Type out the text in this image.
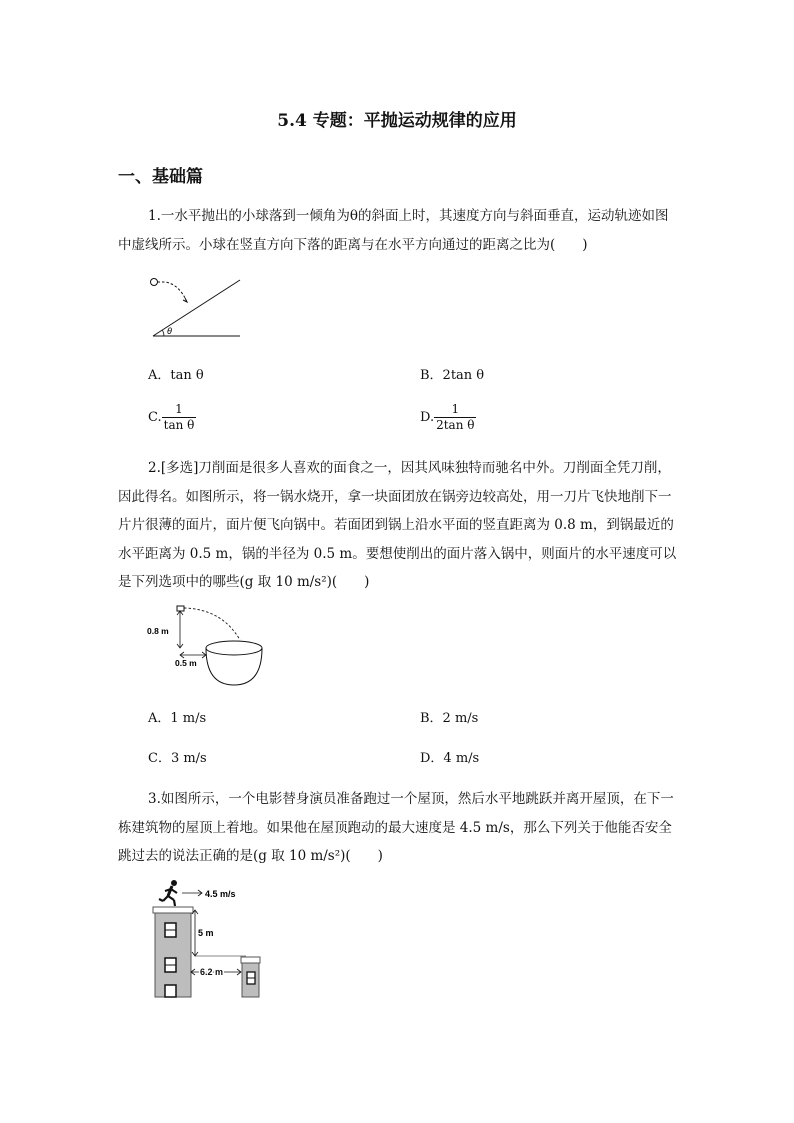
5.4 专题：平抛运动规律的应用
一、基础篇
1.一水平抛出的小球落到一倾角为θ的斜面上时，其速度方向与斜面垂直，运动轨迹如图中虚线所示。小球在竖直方向下落的距离与在水平方向通过的距离之比为(　　)
θ
A．tan θ	B．2tan θ
C. $\frac{1}{\text{tan θ}}$	D. $\frac{1}{\text{2tan θ}}$
2.[多选]刀削面是很多人喜欢的面食之一，因其风味独特而驰名中外。刀削面全凭刀削，因此得名。如图所示，将一锅水烧开，拿一块面团放在锅旁边较高处，用一刀片飞快地削下一片片很薄的面片，面片便飞向锅中。若面团到锅上沿水平面的竖直距离为 0.8 m，到锅最近的水平距离为 0.5 m，锅的半径为 0.5 m。要想使削出的面片落入锅中，则面片的水平速度可以是下列选项中的哪些(g 取 10 m/s²)(　　)
0.8 m
0.5 m
A．1 m/s	B．2 m/s
C．3 m/s	D．4 m/s
3.如图所示，一个电影替身演员准备跑过一个屋顶，然后水平地跳跃并离开屋顶，在下一栋建筑物的屋顶上着地。如果他在屋顶跑动的最大速度是 4.5 m/s，那么下列关于他能否安全跳过去的说法正确的是(g 取 10 m/s²)(　　)
4.5 m/s
5 m
6.2 m
